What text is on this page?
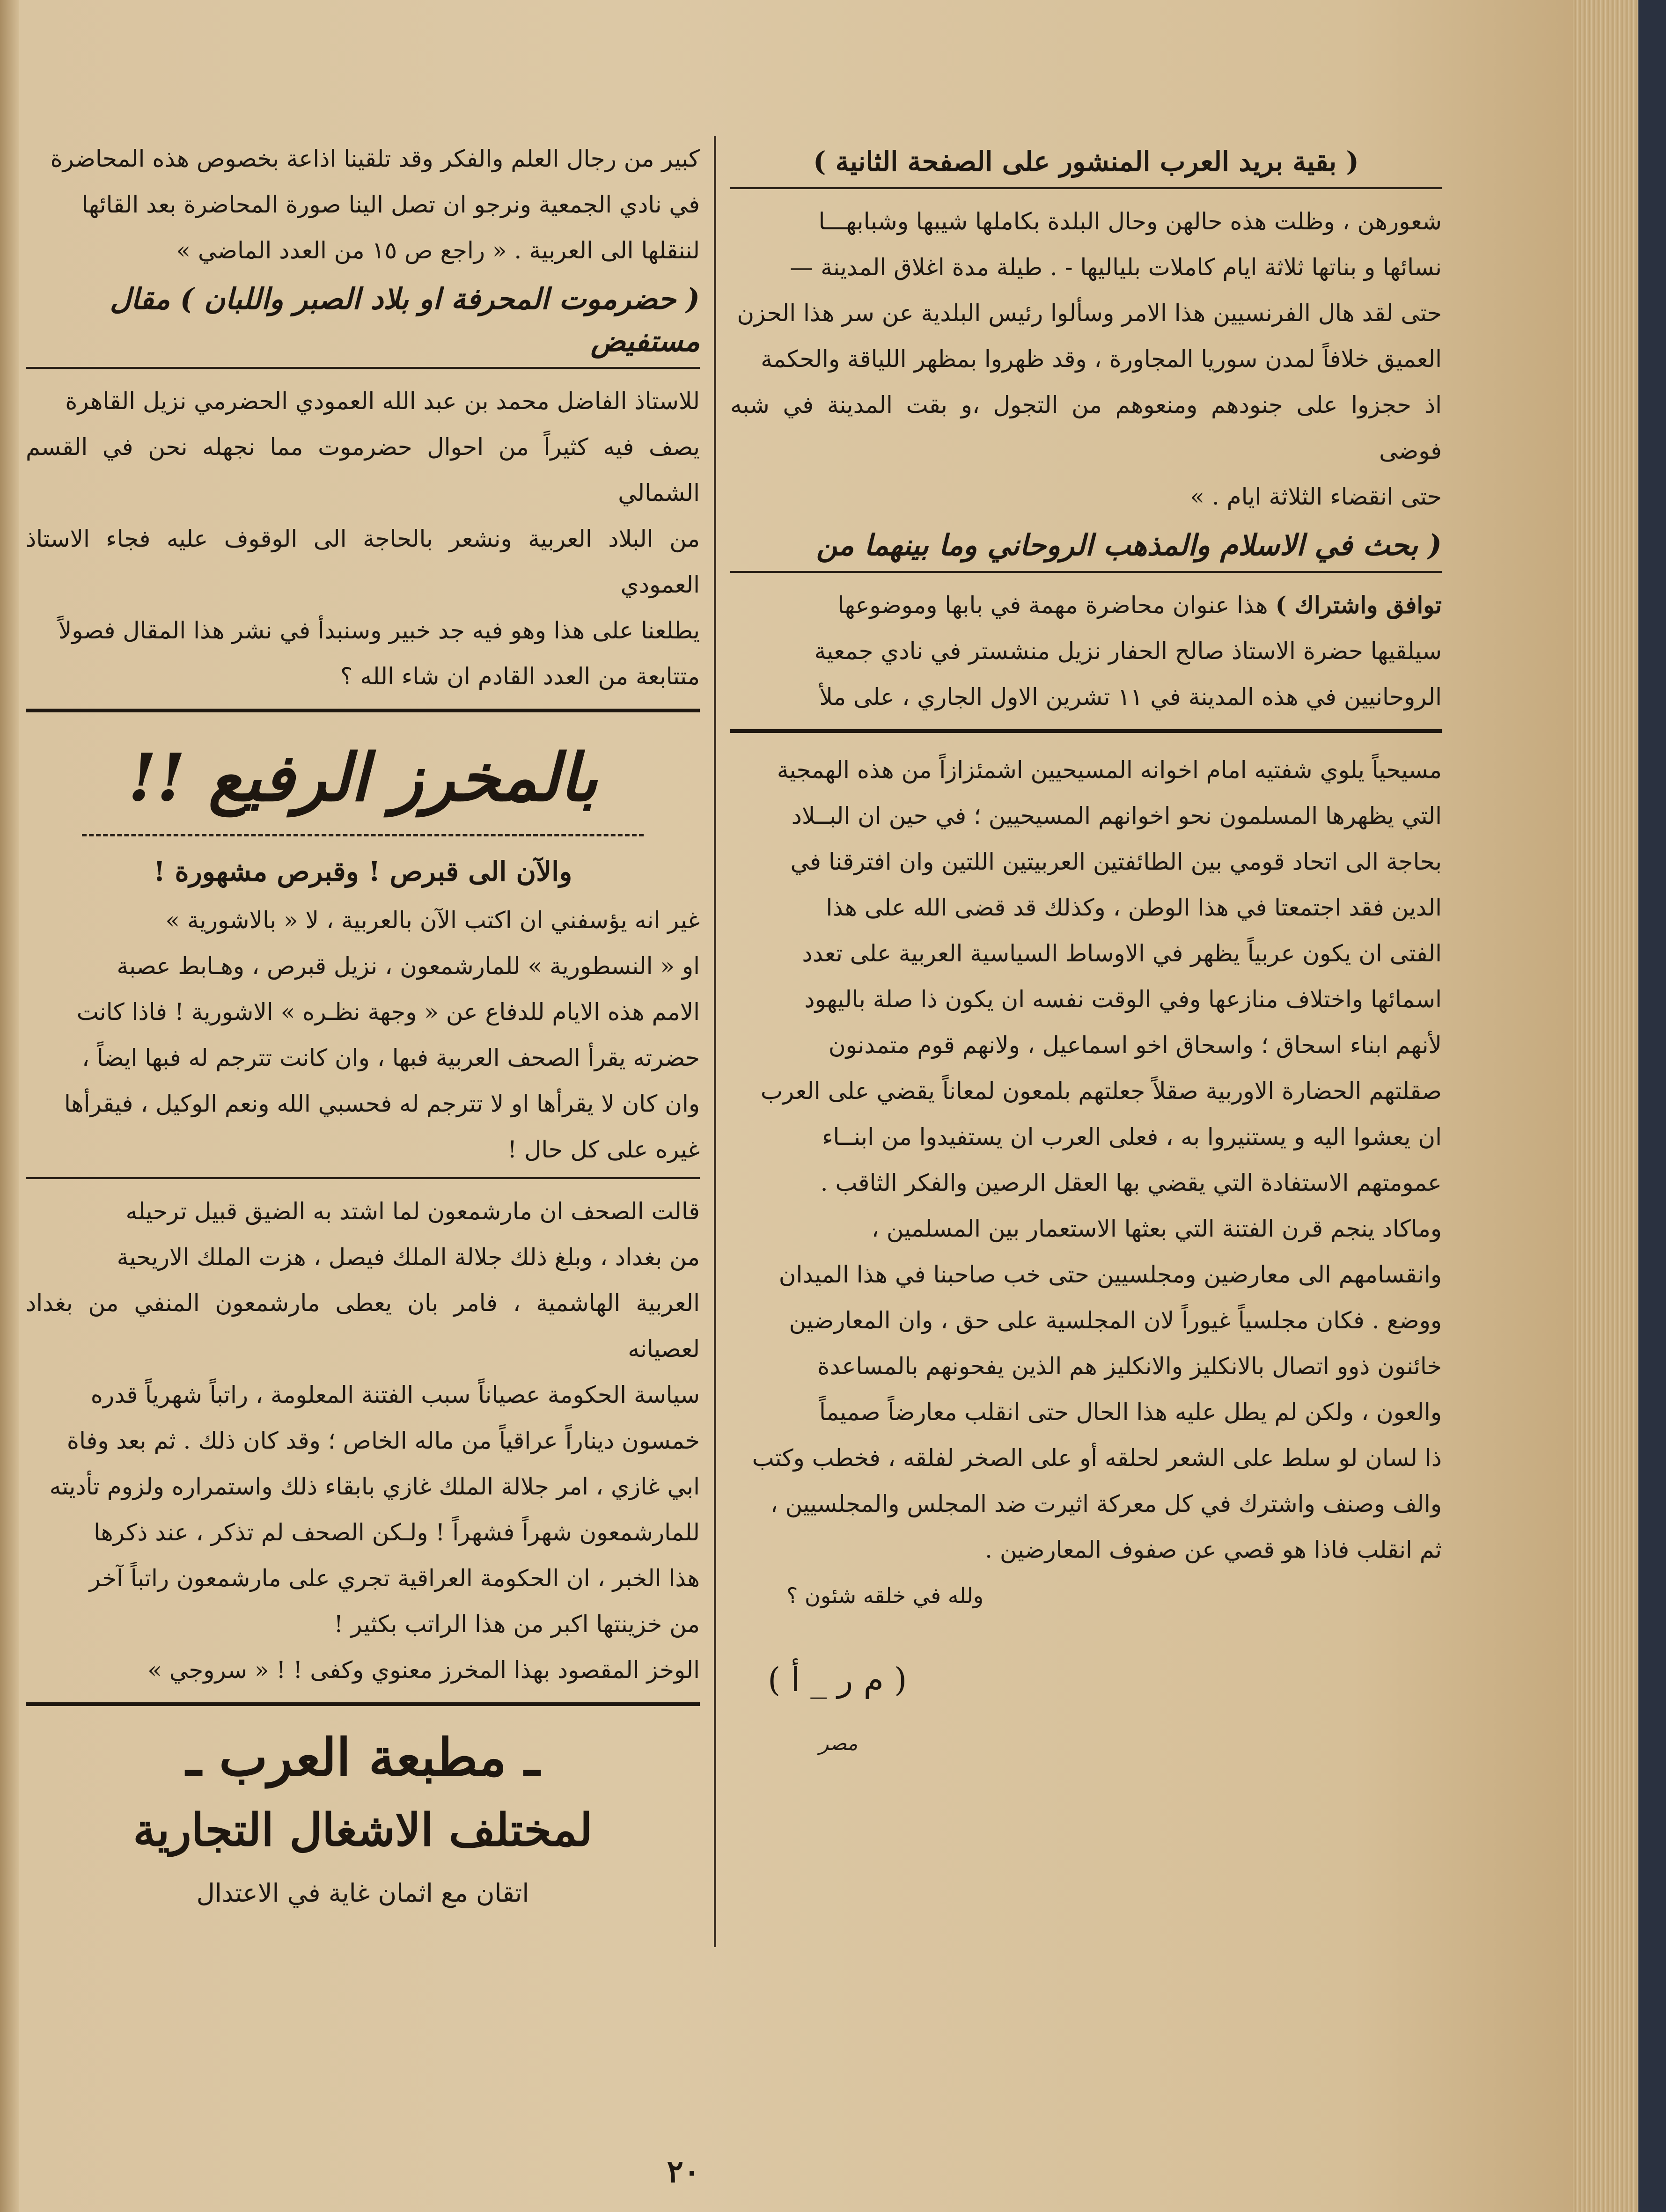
( بقية بريد العرب المنشور على الصفحة الثانية )

شعورهن ، وظلت هذه حالهن وحال البلدة بكاملها شيبها وشبابهـــا

نسائها و بناتها ثلاثة ايام كاملات بلياليها - . طيلة مدة اغلاق المدينة —

حتى لقد هال الفرنسيين هذا الامر وسألوا رئيس البلدية عن سر هذا الحزن

العميق خلافاً لمدن سوريا المجاورة ، وقد ظهروا بمظهر اللياقة والحكمة

اذ حجزوا على جنودهم ومنعوهم من التجول ،و بقت المدينة في شبه فوضى

حتى انقضاء الثلاثة ايام . »

( بحث في الاسلام والمذهب الروحاني وما بينهما من

توافق واشتراك ) هذا عنوان محاضرة مهمة في بابها وموضوعها

سيلقيها حضرة الاستاذ صالح الحفار نزيل منشستر في نادي جمعية

الروحانيين في هذه المدينة في ١١ تشرين الاول الجاري ، على ملأ

مسيحياً يلوي شفتيه امام اخوانه المسيحيين اشمئزازاً من هذه الهمجية

التي يظهرها المسلمون نحو اخوانهم المسيحيين ؛ في حين ان البــلاد

بحاجة الى اتحاد قومي بين الطائفتين العربيتين اللتين وان افترقنا في

الدين فقد اجتمعتا في هذا الوطن ، وكذلك قد قضى الله على هذا

الفتى ان يكون عربياً يظهر في الاوساط السياسية العربية على تعدد

اسمائها واختلاف منازعها وفي الوقت نفسه ان يكون ذا صلة باليهود

لأنهم ابناء اسحاق ؛ واسحاق اخو اسماعيل ، ولانهم قوم متمدنون

صقلتهم الحضارة الاوربية صقلاً جعلتهم بلمعون لمعاناً يقضي على العرب

ان يعشوا اليه و يستنيروا به ، فعلى العرب ان يستفيدوا من ابنــاء

عمومتهم الاستفادة التي يقضي بها العقل الرصين والفكر الثاقب .

وماكاد ينجم قرن الفتنة التي بعثها الاستعمار بين المسلمين ،

وانقسامهم الى معارضين ومجلسيين حتى خب صاحبنا في هذا الميدان

ووضع . فكان مجلسياً غيوراً لان المجلسية على حق ، وان المعارضين

خائنون ذوو اتصال بالانكليز والانكليز هم الذين يفحونهم بالمساعدة

والعون ، ولكن لم يطل عليه هذا الحال حتى انقلب معارضاً صميماً

ذا لسان لو سلط على الشعر لحلقه أو على الصخر لفلقه ، فخطب وكتب

والف وصنف واشترك في كل معركة اثيرت ضد المجلس والمجلسيين ،

ثم انقلب فاذا هو قصي عن صفوف المعارضين .

ولله في خلقه شئون ؟

( م ر _ أ )

مصر

كبير من رجال العلم والفكر وقد تلقينا اذاعة بخصوص هذه المحاضرة

في نادي الجمعية ونرجو ان تصل الينا صورة المحاضرة بعد القائها

لننقلها الى العربية . « راجع ص ١٥ من العدد الماضي »

( حضرموت المحرفة او بلاد الصبر واللبان ) مقال مستفيض

للاستاذ الفاضل محمد بن عبد الله العمودي الحضرمي نزيل القاهرة

يصف فيه كثيراً من احوال حضرموت مما نجهله نحن في القسم الشمالي

من البلاد العربية ونشعر بالحاجة الى الوقوف عليه فجاء الاستاذ العمودي

يطلعنا على هذا وهو فيه جد خبير وسنبدأ في نشر هذا المقال فصولاً

متتابعة من العدد القادم ان شاء الله ؟

بالمخرز الرفيع !!

والآن الى قبرص ! وقبرص مشهورة !

غير انه يؤسفني ان اكتب الآن بالعربية ، لا « بالاشورية »

او « النسطورية » للمارشمعون ، نزيل قبرص ، وهـابط عصبة

الامم هذه الايام للدفاع عن « وجهة نظـره » الاشورية ! فاذا كانت

حضرته يقرأ الصحف العربية فبها ، وان كانت تترجم له فبها ايضاً ،

وان كان لا يقرأها او لا تترجم له فحسبي الله ونعم الوكيل ، فيقرأها

غيره على كل حال !

قالت الصحف ان مارشمعون لما اشتد به الضيق قبيل ترحيله

من بغداد ، وبلغ ذلك جلالة الملك فيصل ، هزت الملك الاريحية

العربية الهاشمية ، فامر بان يعطى مارشمعون المنفي من بغداد لعصيانه

سياسة الحكومة عصياناً سبب الفتنة المعلومة ، راتباً شهرياً قدره

خمسون ديناراً عراقياً من ماله الخاص ؛ وقد كان ذلك . ثم بعد وفاة

ابي غازي ، امر جلالة الملك غازي بابقاء ذلك واستمراره ولزوم تأديته

للمارشمعون شهراً فشهراً ! ولـكن الصحف لم تذكر ، عند ذكرها

هذا الخبر ، ان الحكومة العراقية تجري على مارشمعون راتباً آخر

من خزينتها اكبر من هذا الراتب بكثير !

الوخز المقصود بهذا المخرز معنوي وكفى ! ! « سروجي »

ـ مطبعة العرب ـ

لمختلف الاشغال التجارية

اتقان مع اثمان غاية في الاعتدال

٢٠
